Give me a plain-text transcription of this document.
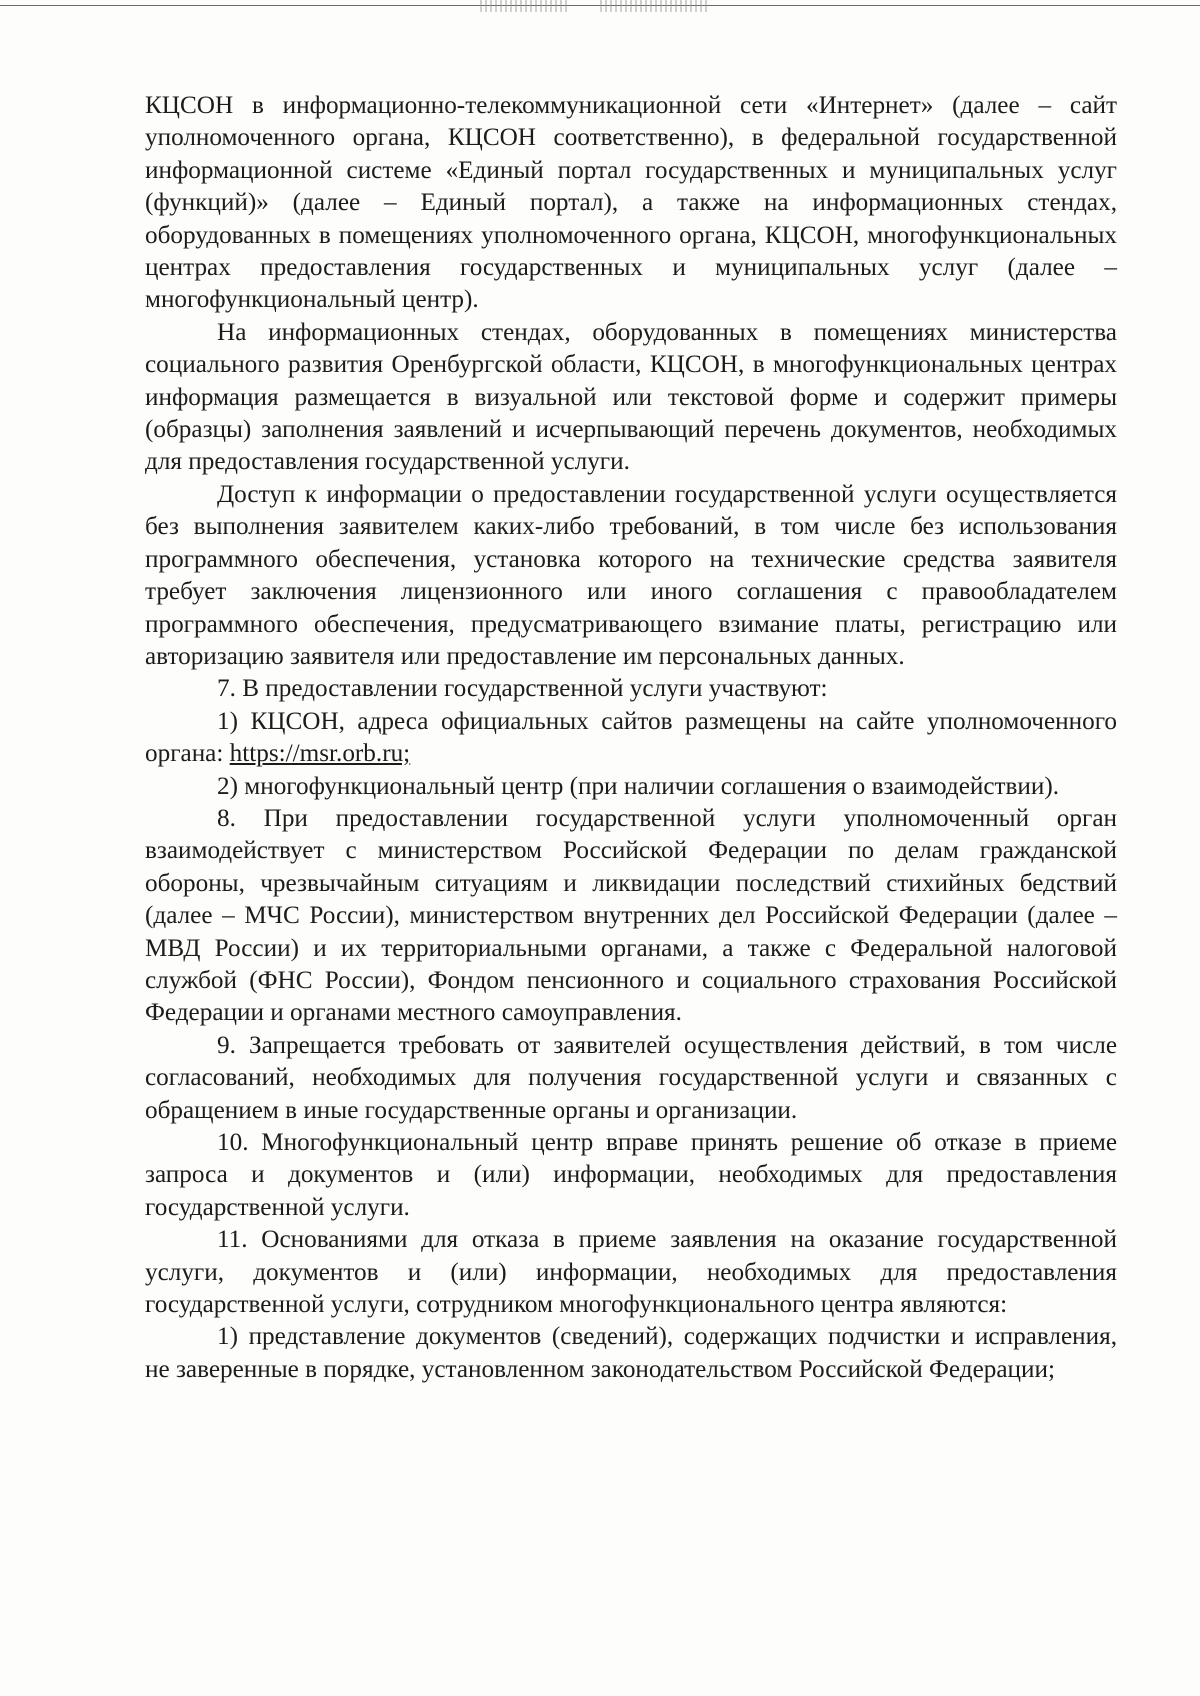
КЦСОН в информационно-телекоммуникационной сети «Интернет» (далее – сайт уполномоченного органа, КЦСОН соответственно), в федеральной государственной информационной системе «Единый портал государственных и муниципальных услуг (функций)» (далее – Единый портал), а также на информационных стендах, оборудованных в помещениях уполномоченного органа, КЦСОН, многофункциональных центрах предоставления государственных и муниципальных услуг (далее – многофункциональный центр).

На информационных стендах, оборудованных в помещениях министерства социального развития Оренбургской области, КЦСОН, в многофункциональных центрах информация размещается в визуальной или текстовой форме и содержит примеры (образцы) заполнения заявлений и исчерпывающий перечень документов, необходимых для предоставления государственной услуги.

Доступ к информации о предоставлении государственной услуги осуществляется без выполнения заявителем каких-либо требований, в том числе без использования программного обеспечения, установка которого на технические средства заявителя требует заключения лицензионного или иного соглашения с правообладателем программного обеспечения, предусматривающего взимание платы, регистрацию или авторизацию заявителя или предоставление им персональных данных.

7. В предоставлении государственной услуги участвуют:

1) КЦСОН, адреса официальных сайтов размещены на сайте уполномоченного органа: https://msr.orb.ru;

2) многофункциональный центр (при наличии соглашения о взаимодействии).

8. При предоставлении государственной услуги уполномоченный орган взаимодействует с министерством Российской Федерации по делам гражданской обороны, чрезвычайным ситуациям и ликвидации последствий стихийных бедствий (далее – МЧС России), министерством внутренних дел Российской Федерации (далее – МВД России) и их территориальными органами, а также с Федеральной налоговой службой (ФНС России), Фондом пенсионного и социального страхования Российской Федерации и органами местного самоуправления.

9. Запрещается требовать от заявителей осуществления действий, в том числе согласований, необходимых для получения государственной услуги и связанных с обращением в иные государственные органы и организации.

10. Многофункциональный центр вправе принять решение об отказе в приеме запроса и документов и (или) информации, необходимых для предоставления государственной услуги.

11. Основаниями для отказа в приеме заявления на оказание государственной услуги, документов и (или) информации, необходимых для предоставления государственной услуги, сотрудником многофункционального центра являются:

1) представление документов (сведений), содержащих подчистки и исправления, не заверенные в порядке, установленном законодательством Российской Федерации;
